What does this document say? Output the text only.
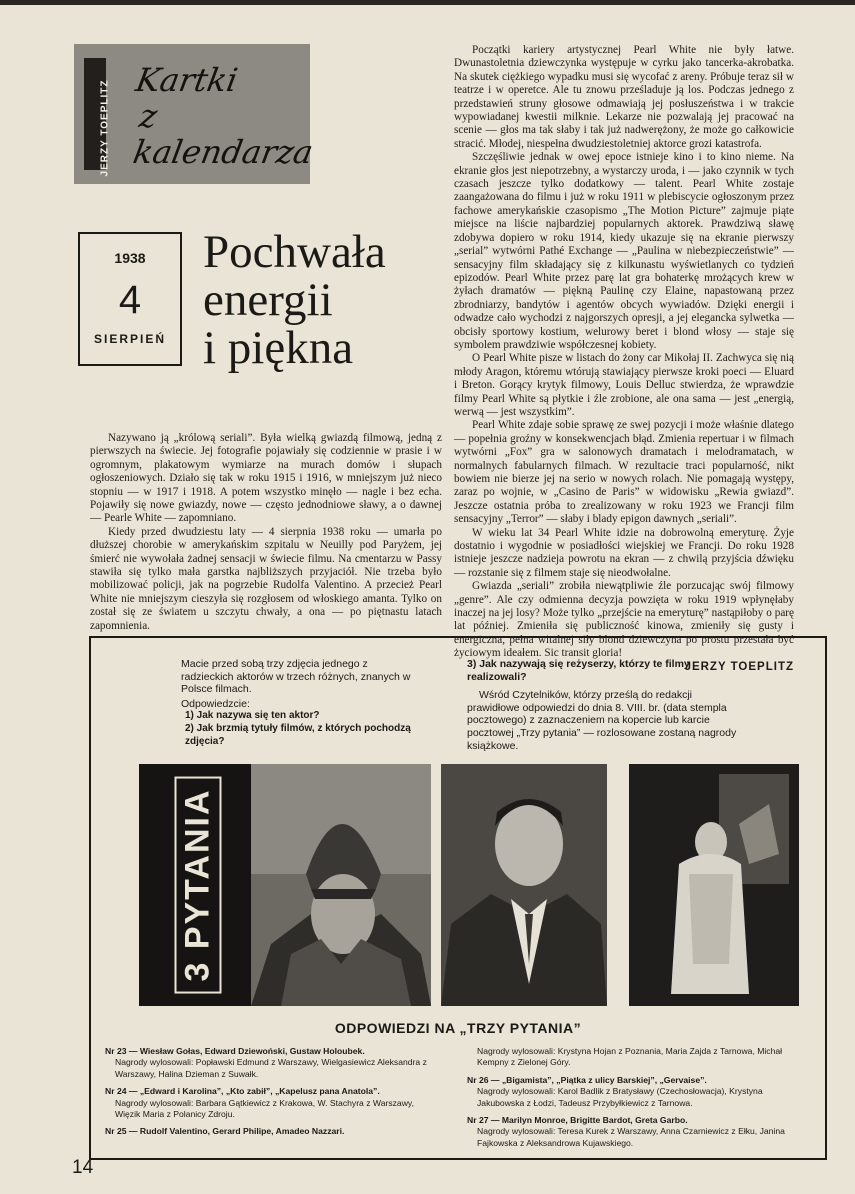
JERZY TOEPLITZ Kartki
z kalendarza
1938
4
SIERPIEŃ
Pochwała
energii
i piękna

Nazywano ją „królową seriali”. Była wielką gwiazdą filmową, jedną z pierwszych na świecie. Jej fotografie pojawiały się codziennie w prasie i w ogromnym, plakatowym wymiarze na murach domów i słupach ogłoszeniowych. Działo się tak w roku 1915 i 1916, w mniejszym już nieco stopniu — w 1917 i 1918. A potem wszystko minęło — nagle i bez echa. Pojawiły się nowe gwiazdy, nowe — często jednodniowe sławy, a o dawnej — Pearle White — zapomniano.

Kiedy przed dwudziestu laty — 4 sierpnia 1938 roku — umarła po dłuższej chorobie w amerykańskim szpitalu w Neuilly pod Paryżem, jej śmierć nie wywołała żadnej sensacji w świecie filmu. Na cmentarzu w Passy stawiła się tylko mała garstka najbliższych przyjaciół. Nie trzeba było mobilizować policji, jak na pogrzebie Rudolfa Valentino. A przecież Pearl White nie mniejszym cieszyła się rozgłosem od włoskiego amanta. Tylko on został się ze światem u szczytu chwały, a ona — po piętnastu latach zapomnienia.

Początki kariery artystycznej Pearl White nie były łatwe. Dwunastoletnia dziewczynka występuje w cyrku jako tancerka-akrobatka. Na skutek ciężkiego wypadku musi się wycofać z areny. Próbuje teraz sił w teatrze i w operetce. Ale tu znowu prześladuje ją los. Podczas jednego z przedstawień struny głosowe odmawiają jej posłuszeństwa i w trakcie wypowiadanej kwestii milknie. Lekarze nie pozwalają jej pracować na scenie — głos ma tak słaby i tak już nadwerężony, że może go całkowicie stracić. Młodej, niespełna dwudziestoletniej aktorce grozi katastrofa.

Szczęśliwie jednak w owej epoce istnieje kino i to kino nieme. Na ekranie głos jest niepotrzebny, a wystarczy uroda, i — jako czynnik w tych czasach jeszcze tylko dodatkowy — talent. Pearl White zostaje zaangażowana do filmu i już w roku 1911 w plebiscycie ogłoszonym przez fachowe amerykańskie czasopismo „The Motion Picture” zajmuje piąte miejsce na liście najbardziej popularnych aktorek. Prawdziwą sławę zdobywa dopiero w roku 1914, kiedy ukazuje się na ekranie pierwszy „serial” wytwórni Pathé Exchange — „Paulina w niebezpieczeństwie” — sensacyjny film składający się z kilkunastu wyświetlanych co tydzień epizodów. Pearl White przez parę lat gra bohaterkę mrożących krew w żyłach dramatów — piękną Paulinę czy Elaine, napastowaną przez zbrodniarzy, bandytów i agentów obcych wywiadów. Dzięki energii i odwadze cało wychodzi z najgorszych opresji, a jej elegancka sylwetka — obcisły sportowy kostium, welurowy beret i blond włosy — staje się symbolem prawdziwie współczesnej kobiety.

O Pearl White pisze w listach do żony car Mikołaj II. Zachwyca się nią młody Aragon, któremu wtórują stawiający pierwsze kroki poeci — Eluard i Breton. Gorący krytyk filmowy, Louis Delluc stwierdza, że wprawdzie filmy Pearl White są płytkie i źle zrobione, ale ona sama — jest „energią, werwą — jest wszystkim”.

Pearl White zdaje sobie sprawę ze swej pozycji i może właśnie dlatego — popełnia groźny w konsekwencjach błąd. Zmienia repertuar i w filmach wytwórni „Fox” gra w salonowych dramatach i melodramatach, w normalnych fabularnych filmach. W rezultacie traci popularność, nikt bowiem nie bierze jej na serio w nowych rolach. Nie pomagają występy, zaraz po wojnie, w „Casino de Paris” w widowisku „Rewia gwiazd”. Jeszcze ostatnia próba to zrealizowany w roku 1923 we Francji film sensacyjny „Terror” — słaby i blady epigon dawnych „seriali”.

W wieku lat 34 Pearl White idzie na dobrowolną emeryturę. Żyje dostatnio i wygodnie w posiadłości wiejskiej we Francji. Do roku 1928 istnieje jeszcze nadzieja powrotu na ekran — z chwilą przyjścia dźwięku — rozstanie się z filmem staje się nieodwołalne.

Gwiazda „seriali” zrobiła niewątpliwie źle porzucając swój filmowy „genre”. Ale czy odmienna decyzja powzięta w roku 1919 wpłynęłaby inaczej na jej losy? Może tylko „przejście na emeryturę” nastąpiłoby o parę lat później. Zmieniła się publiczność kinowa, zmieniły się gusty i energiczna, pełna witalnej siły blond dziewczyna po prostu przestała być życiowym ideałem. Sic transit gloria!

JERZY TOEPLITZ

Macie przed sobą trzy zdjęcia jednego z radzieckich aktorów w trzech różnych, znanych w Polsce filmach.
Odpowiedzcie:
1) Jak nazywa się ten aktor?
2) Jak brzmią tytuły filmów, z których pochodzą zdjęcia?
3) Jak nazywają się reżyserzy, którzy te filmy realizowali?
Wśród Czytelników, którzy prześlą do redakcji prawidłowe odpowiedzi do dnia 8. VIII. br. (data stempla pocztowego) z zaznaczeniem na kopercie lub karcie pocztowej „Trzy pytania” — rozlosowane zostaną nagrody książkowe.
3 PYTANIA
ODPOWIEDZI NA „TRZY PYTANIA”
Nr 23 — Wiesław Gołas, Edward Dziewoński, Gustaw Holoubek.
Nagrody wylosowali: Popławski Edmund z Warszawy, Wielgasiewicz Aleksandra z Warszawy, Halina Dzieman z Suwałk.
Nr 24 — „Edward i Karolina”, „Kto zabił”, „Kapelusz pana Anatola”.
Nagrody wylosowali: Barbara Gątkiewicz z Krakowa, W. Stachyra z Warszawy, Więzik Maria z Polanicy Zdroju.
Nr 25 — Rudolf Valentino, Gerard Philipe, Amadeo Nazzari.
Nagrody wylosowali: Krystyna Hojan z Poznania, Maria Zajda z Tarnowa, Michał Kempny z Zielonej Góry.
Nr 26 — „Bigamista”, „Piątka z ulicy Barskiej”, „Gervaise”.
Nagrody wylosowali: Karol Badlik z Bratysławy (Czechosłowacja), Krystyna Jakubowska z Łodzi, Tadeusz Przybyłkiewicz z Tarnowa.
Nr 27 — Marilyn Monroe, Brigitte Bardot, Greta Garbo.
Nagrody wylosowali: Teresa Kurek z Warszawy, Anna Czarniewicz z Ełku, Janina Fajkowska z Aleksandrowa Kujawskiego.
14
